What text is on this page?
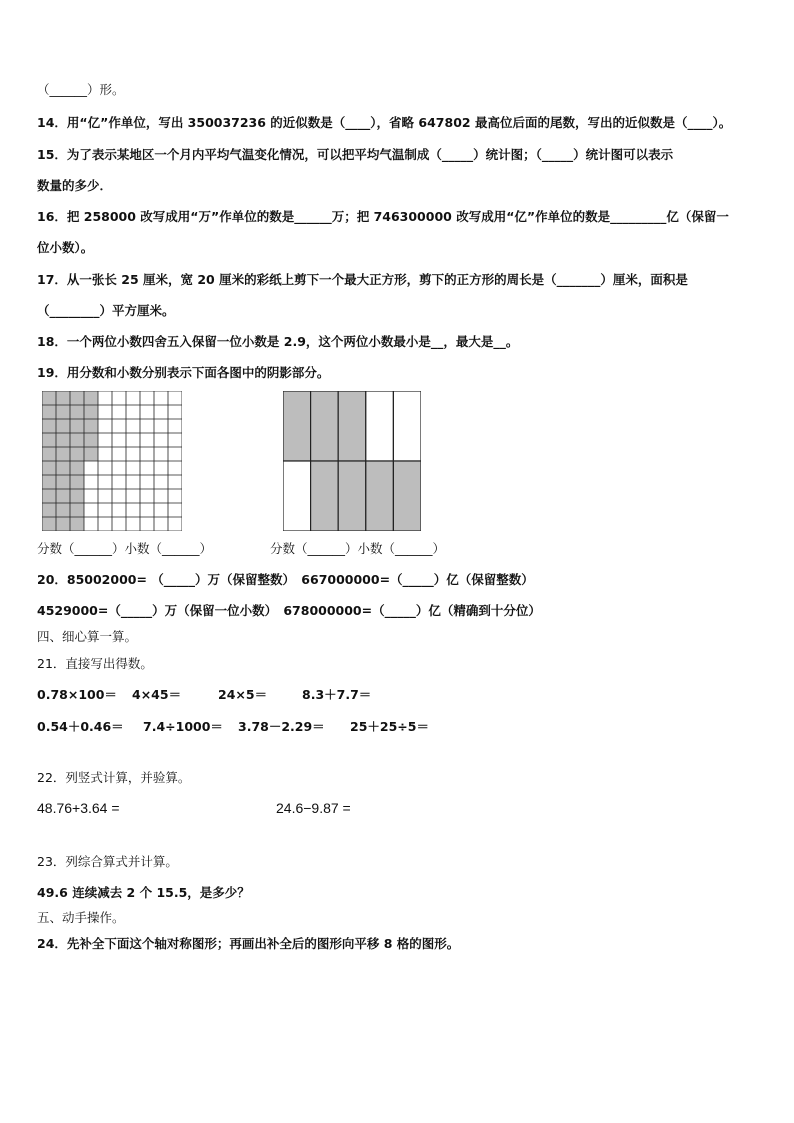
（______）形。
14．用“亿”作单位，写出 350037236 的近似数是（____），省略 647802 最高位后面的尾数，写出的近似数是（____）。
15．为了表示某地区一个月内平均气温变化情况，可以把平均气温制成（_____）统计图；（_____）统计图可以表示
数量的多少．
16．把 258000 改写成用“万”作单位的数是______万；把 746300000 改写成用“亿”作单位的数是_________亿（保留一
位小数）。
17．从一张长 25 厘米，宽 20 厘米的彩纸上剪下一个最大正方形，剪下的正方形的周长是（_______）厘米，面积是
（________）平方厘米。
18．一个两位小数四舍五入保留一位小数是 2.9，这个两位小数最小是__，最大是__。
19．用分数和小数分别表示下面各图中的阴影部分。
分数（______）小数（______）	分数（______）小数（______）
20．85002000= （_____）万（保留整数）　667000000=（_____）亿（保留整数）
4529000=（_____）万（保留一位小数）　678000000=（_____）亿（精确到十分位）
四、细心算一算。
21．直接写出得数。
0.78×100＝ 4×45＝	24×5＝	8.3＋7.7＝
0.54＋0.46＝ 7.4÷1000＝ 3.78－2.29＝ 25＋25÷5＝
22．列竖式计算，并验算。
48.76+3.64 =	24.6−9.87 =
23．列综合算式并计算。
49.6 连续减去 2 个 15.5，是多少？
五、动手操作。
24．先补全下面这个轴对称图形；再画出补全后的图形向平移 8 格的图形。
